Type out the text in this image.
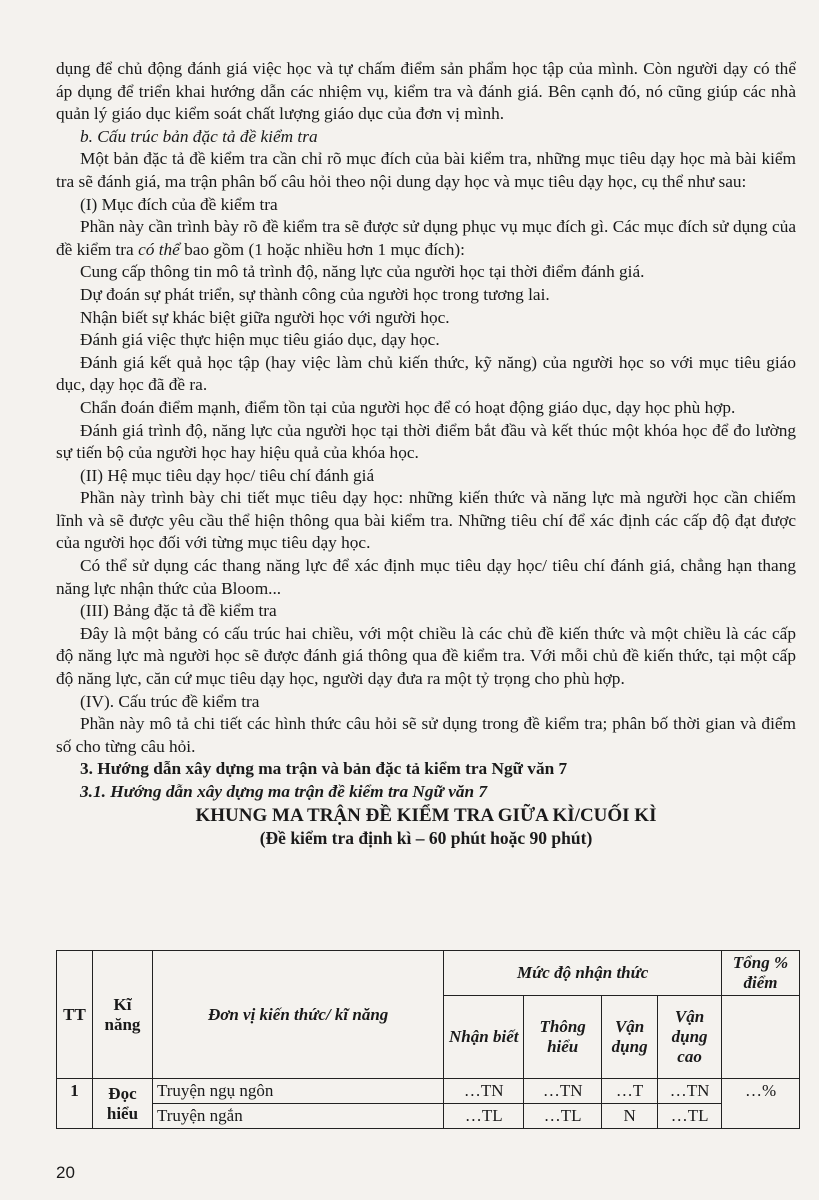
dụng để chủ động đánh giá việc học và tự chấm điểm sản phẩm học tập của mình. Còn người dạy có thể áp dụng để triển khai hướng dẫn các nhiệm vụ, kiểm tra và đánh giá. Bên cạnh đó, nó cũng giúp các nhà quản lý giáo dục kiểm soát chất lượng giáo dục của đơn vị mình.

b. Cấu trúc bản đặc tả đề kiểm tra

Một bản đặc tả đề kiểm tra cần chỉ rõ mục đích của bài kiểm tra, những mục tiêu dạy học mà bài kiểm tra sẽ đánh giá, ma trận phân bố câu hỏi theo nội dung dạy học và mục tiêu dạy học, cụ thể như sau:

(I) Mục đích của đề kiểm tra

Phần này cần trình bày rõ đề kiểm tra sẽ được sử dụng phục vụ mục đích gì. Các mục đích sử dụng của đề kiểm tra có thể bao gồm (1 hoặc nhiều hơn 1 mục đích):

Cung cấp thông tin mô tả trình độ, năng lực của người học tại thời điểm đánh giá.

Dự đoán sự phát triển, sự thành công của người học trong tương lai.

Nhận biết sự khác biệt giữa người học với người học.

Đánh giá việc thực hiện mục tiêu giáo dục, dạy học.

Đánh giá kết quả học tập (hay việc làm chủ kiến thức, kỹ năng) của người học so với mục tiêu giáo dục, dạy học đã đề ra.

Chẩn đoán điểm mạnh, điểm tồn tại của người học để có hoạt động giáo dục, dạy học phù hợp.

Đánh giá trình độ, năng lực của người học tại thời điểm bắt đầu và kết thúc một khóa học để đo lường sự tiến bộ của người học hay hiệu quả của khóa học.

(II) Hệ mục tiêu dạy học/ tiêu chí đánh giá

Phần này trình bày chi tiết mục tiêu dạy học: những kiến thức và năng lực mà người học cần chiếm lĩnh và sẽ được yêu cầu thể hiện thông qua bài kiểm tra. Những tiêu chí để xác định các cấp độ đạt được của người học đối với từng mục tiêu dạy học.

Có thể sử dụng các thang năng lực để xác định mục tiêu dạy học/ tiêu chí đánh giá, chẳng hạn thang năng lực nhận thức của Bloom...

(III) Bảng đặc tả đề kiểm tra

Đây là một bảng có cấu trúc hai chiều, với một chiều là các chủ đề kiến thức và một chiều là các cấp độ năng lực mà người học sẽ được đánh giá thông qua đề kiểm tra. Với mỗi chủ đề kiến thức, tại một cấp độ năng lực, căn cứ mục tiêu dạy học, người dạy đưa ra một tỷ trọng cho phù hợp.

(IV). Cấu trúc đề kiểm tra

Phần này mô tả chi tiết các hình thức câu hỏi sẽ sử dụng trong đề kiểm tra; phân bố thời gian và điểm số cho từng câu hỏi.

3. Hướng dẫn xây dựng ma trận và bản đặc tả kiểm tra Ngữ văn 7

3.1. Hướng dẫn xây dựng ma trận đề kiểm tra Ngữ văn 7

KHUNG MA TRẬN ĐỀ KIỂM TRA GIỮA KÌ/CUỐI KÌ

(Đề kiểm tra định kì – 60 phút hoặc 90 phút)

TT	Kĩ năng	Đơn vị kiến thức/ kĩ năng	Mức độ nhận thức				Tổng % điểm
			Nhận biết	Thông hiểu	Vận dụng	Vận dụng cao	
1	Đọc hiểu	Truyện ngụ ngôn	…TN	…TN	…T	…TN	…%
		Truyện ngắn	…TL	…TL	N	…TL	
20
